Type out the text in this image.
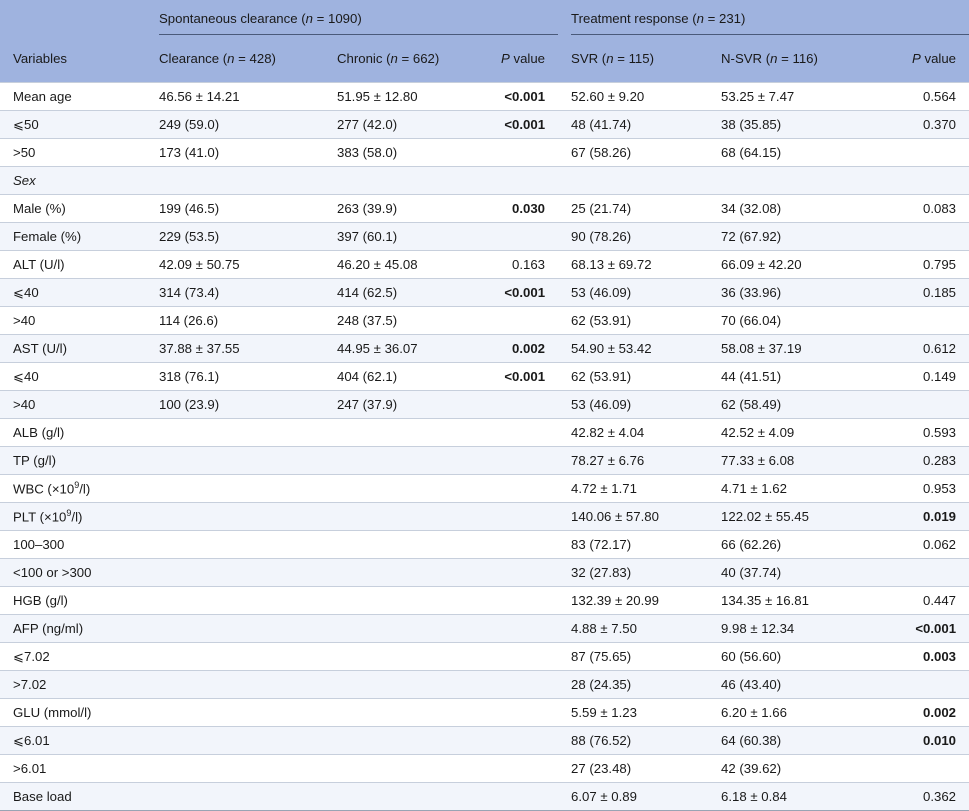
	Spontaneous clearance (n = 1090)			Treatment response (n = 231)		

Variables	Clearance (n = 428)	Chronic (n = 662)	P value	SVR (n = 115)	N-SVR (n = 116)	P value
Mean age	46.56 ± 14.21	51.95 ± 12.80	<0.001	52.60 ± 9.20	53.25 ± 7.47	0.564
⩽50	249 (59.0)	277 (42.0)	<0.001	48 (41.74)	38 (35.85)	0.370
>50	173 (41.0)	383 (58.0)		67 (58.26)	68 (64.15)	
Sex						
Male (%)	199 (46.5)	263 (39.9)	0.030	25 (21.74)	34 (32.08)	0.083
Female (%)	229 (53.5)	397 (60.1)		90 (78.26)	72 (67.92)	
ALT (U/l)	42.09 ± 50.75	46.20 ± 45.08	0.163	68.13 ± 69.72	66.09 ± 42.20	0.795
⩽40	314 (73.4)	414 (62.5)	<0.001	53 (46.09)	36 (33.96)	0.185
>40	114 (26.6)	248 (37.5)		62 (53.91)	70 (66.04)	
AST (U/l)	37.88 ± 37.55	44.95 ± 36.07	0.002	54.90 ± 53.42	58.08 ± 37.19	0.612
⩽40	318 (76.1)	404 (62.1)	<0.001	62 (53.91)	44 (41.51)	0.149
>40	100 (23.9)	247 (37.9)		53 (46.09)	62 (58.49)	
ALB (g/l)				42.82 ± 4.04	42.52 ± 4.09	0.593
TP (g/l)				78.27 ± 6.76	77.33 ± 6.08	0.283
WBC $(\times 10^9/l)$				4.72 ± 1.71	4.71 ± 1.62	0.953
PLT $(\times 10^9/l)$				140.06 ± 57.80	122.02 ± 55.45	0.019
100–300				83 (72.17)	66 (62.26)	0.062
<100 or >300				32 (27.83)	40 (37.74)	
HGB (g/l)				132.39 ± 20.99	134.35 ± 16.81	0.447
AFP (ng/ml)				4.88 ± 7.50	9.98 ± 12.34	<0.001
⩽7.02				87 (75.65)	60 (56.60)	0.003
>7.02				28 (24.35)	46 (43.40)	
GLU (mmol/l)				5.59 ± 1.23	6.20 ± 1.66	0.002
⩽6.01				88 (76.52)	64 (60.38)	0.010
>6.01				27 (23.48)	42 (39.62)	
Base load				6.07 ± 0.89	6.18 ± 0.84	0.362
